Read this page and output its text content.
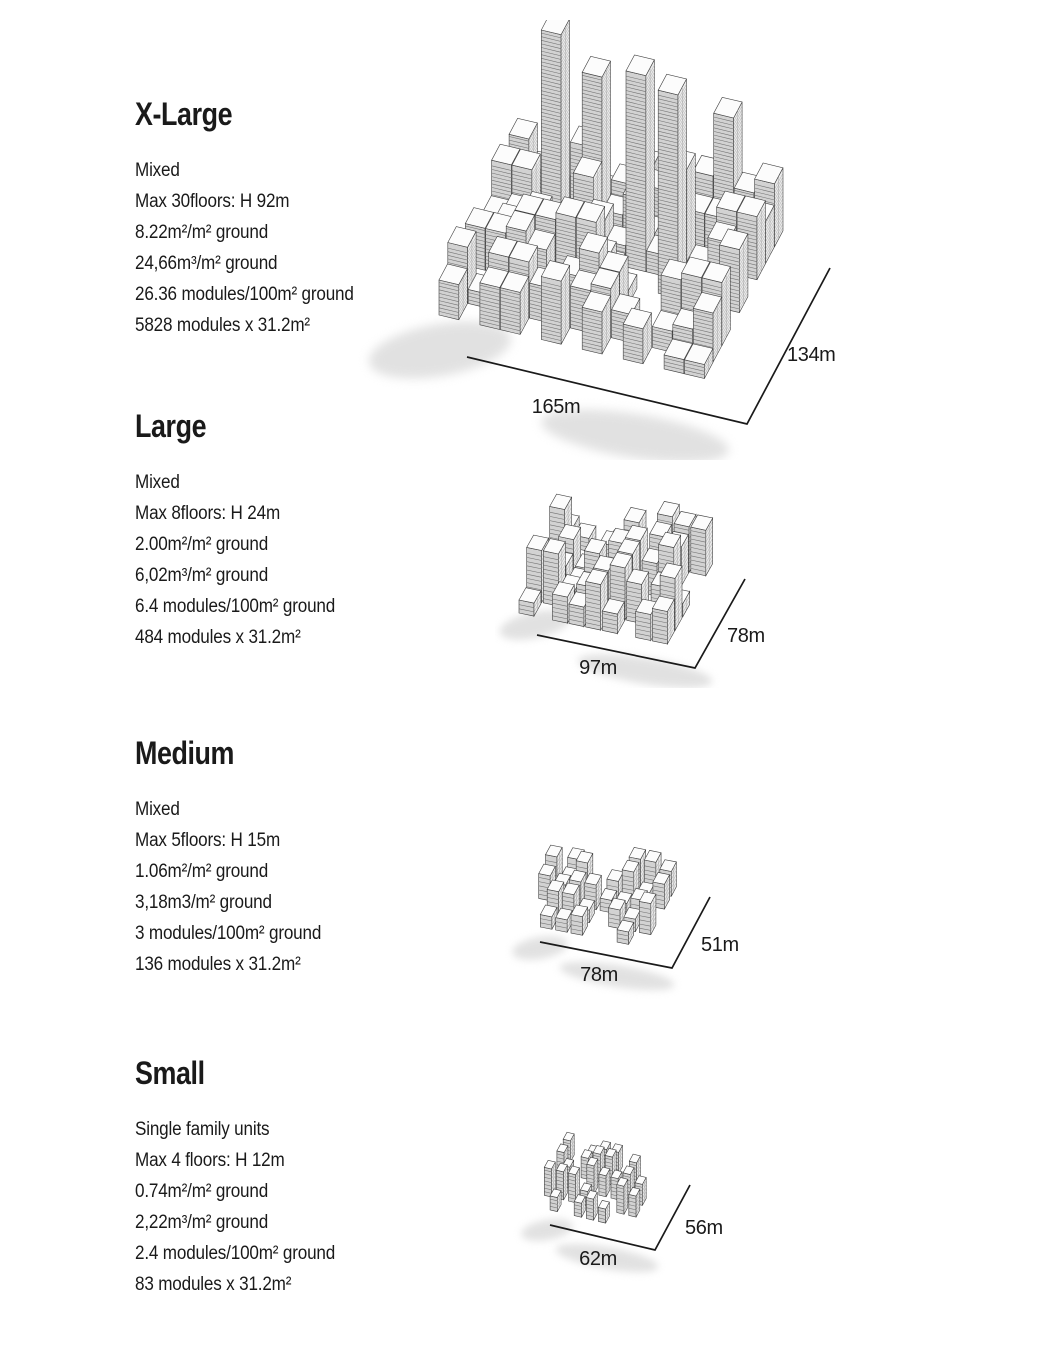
X-Large
Mixed
Max 30floors: H 92m
8.22m²/m² ground
24,66m³/m² ground
26.36 modules/100m² ground
5828 modules x 31.2m²
Large
Mixed
Max 8floors: H 24m
2.00m²/m² ground
6,02m³/m² ground
6.4 modules/100m² ground
484 modules x 31.2m²
Medium
Mixed
Max 5floors: H 15m
1.06m²/m² ground
3,18m3/m² ground
3 modules/100m² ground
136 modules x 31.2m²
Small
Single family units
Max 4 floors: H 12m
0.74m²/m² ground
2,22m³/m² ground
2.4 modules/100m² ground
83 modules x 31.2m²
165m
134m
97m
78m
78m
51m
62m
56m
